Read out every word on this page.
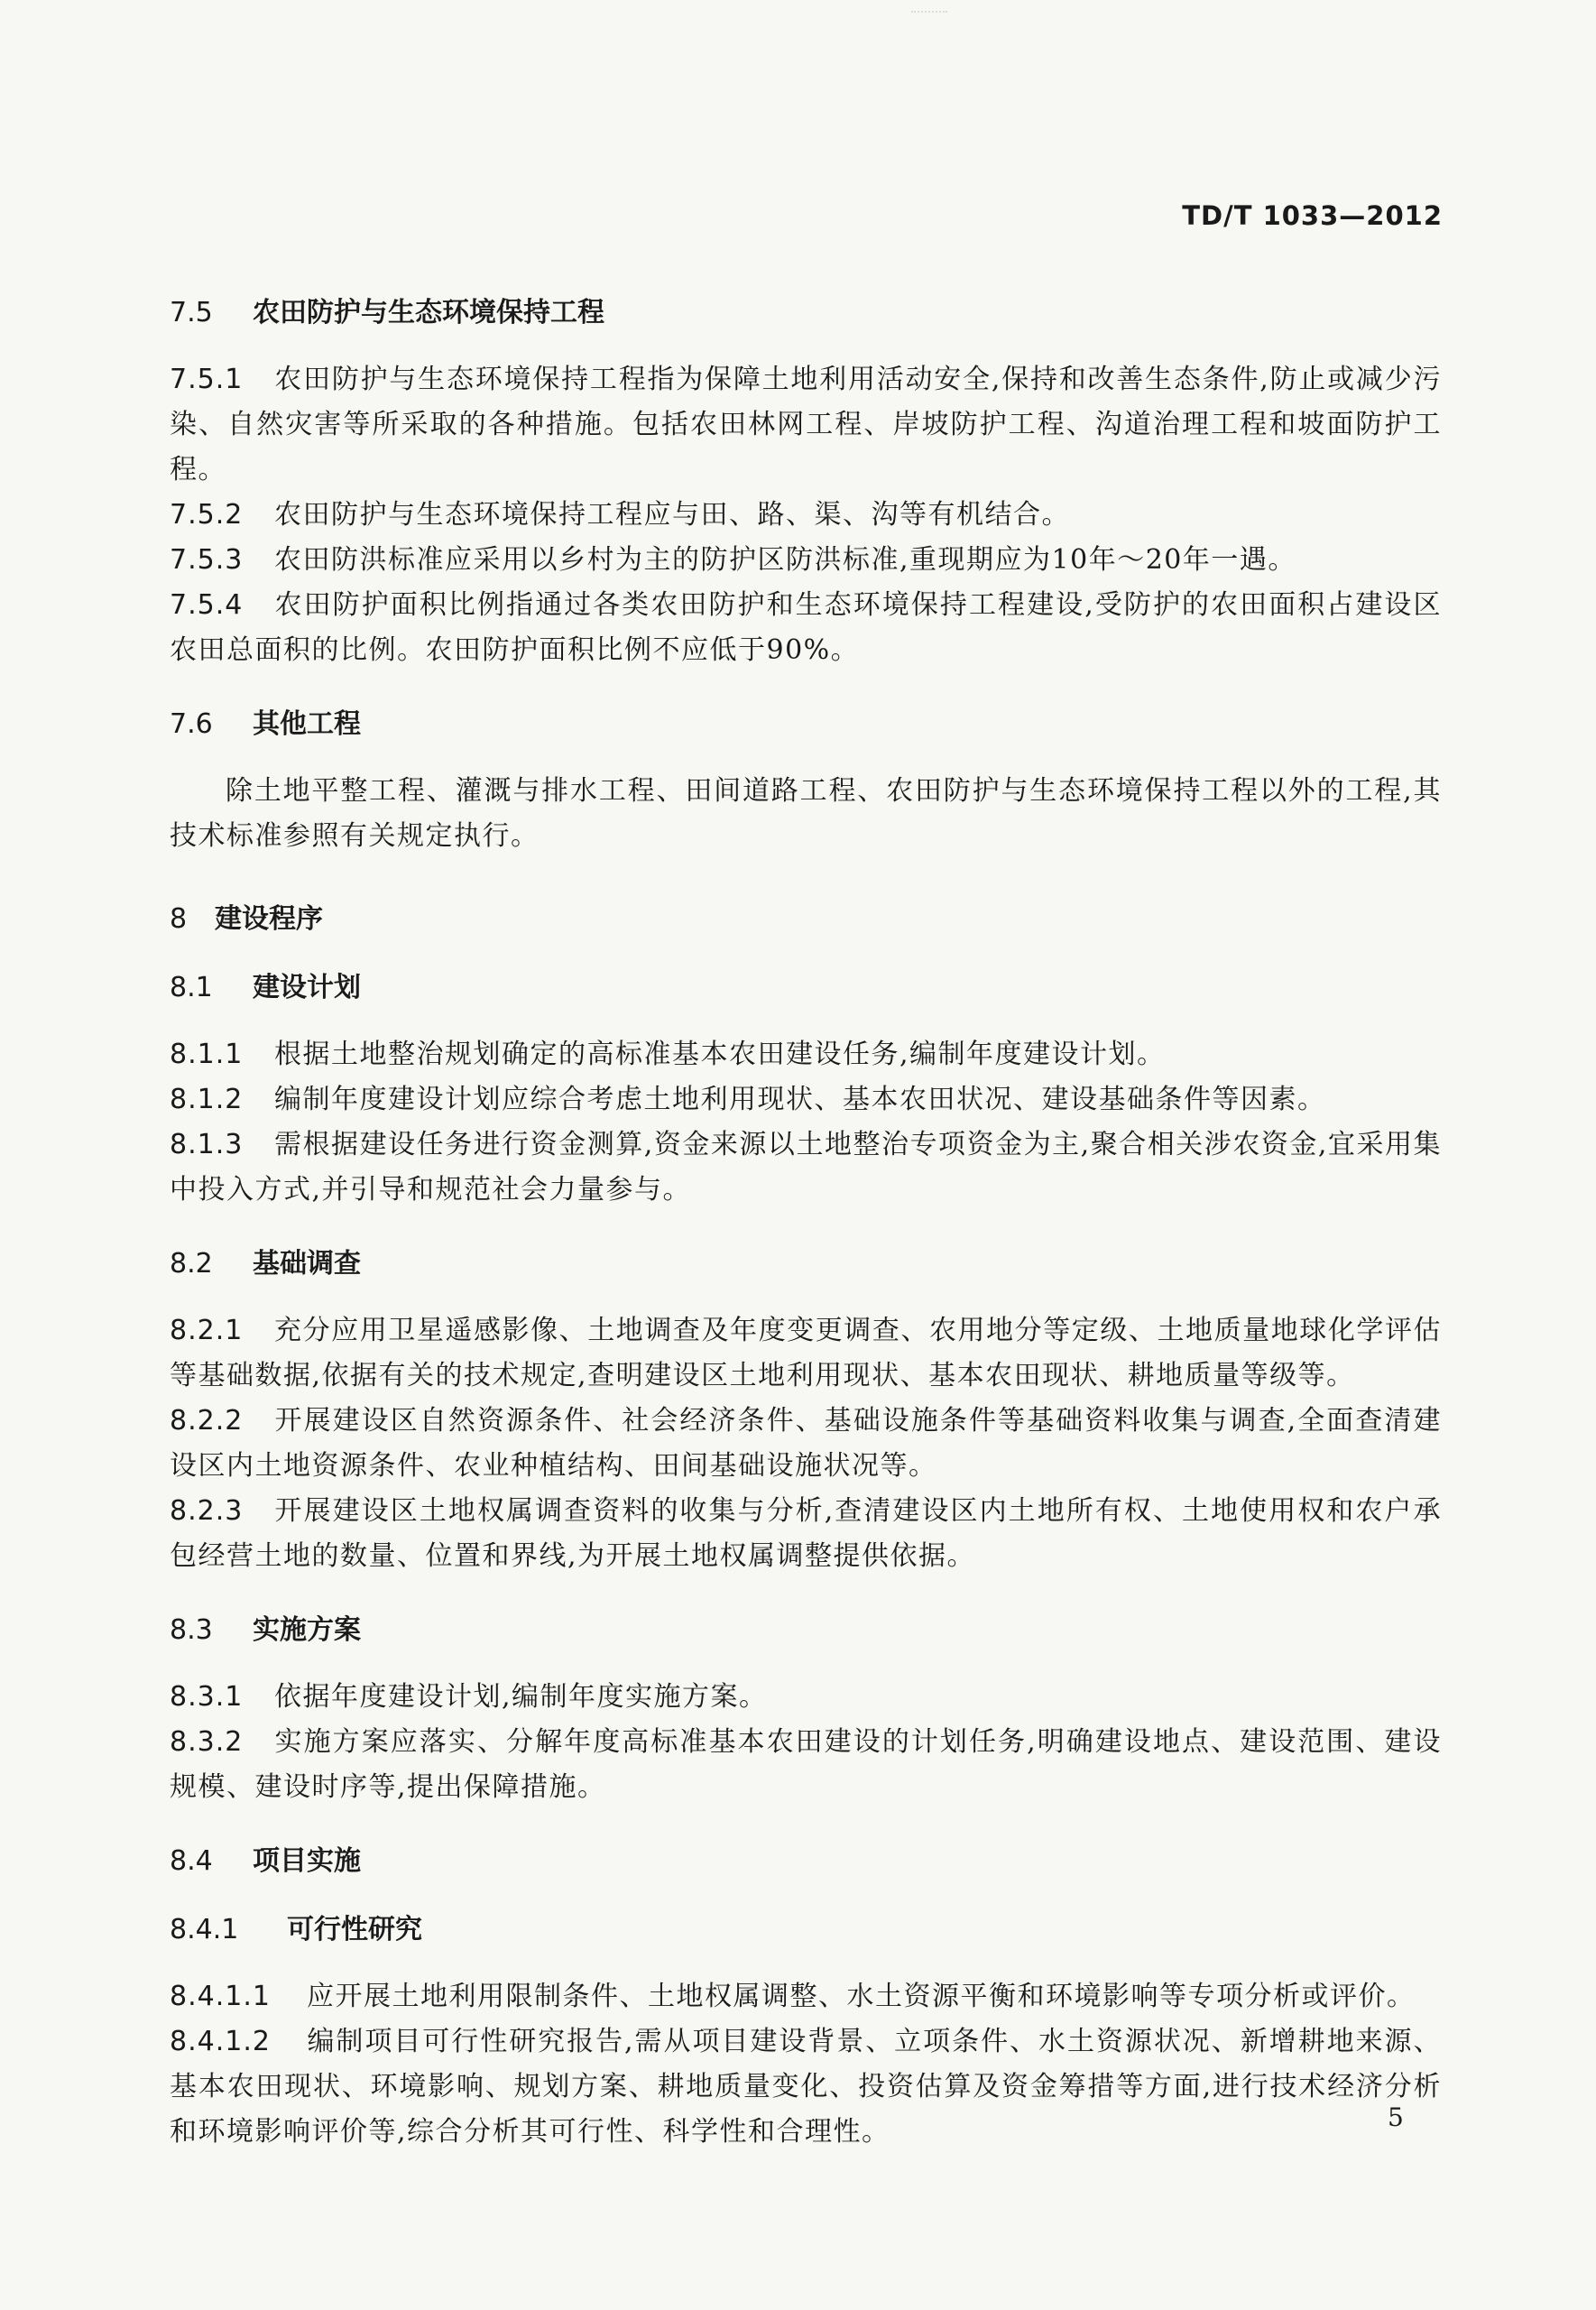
TD/T 1033—2012

7.5 农田防护与生态环境保持工程

7.5.1 农田防护与生态环境保持工程指为保障土地利用活动安全,保持和改善生态条件,防止或减少污染、自然灾害等所采取的各种措施。包括农田林网工程、岸坡防护工程、沟道治理工程和坡面防护工程。

7.5.2 农田防护与生态环境保持工程应与田、路、渠、沟等有机结合。

7.5.3 农田防洪标准应采用以乡村为主的防护区防洪标准,重现期应为10年～20年一遇。

7.5.4 农田防护面积比例指通过各类农田防护和生态环境保持工程建设,受防护的农田面积占建设区农田总面积的比例。农田防护面积比例不应低于90%。

7.6 其他工程

除土地平整工程、灌溉与排水工程、田间道路工程、农田防护与生态环境保持工程以外的工程,其技术标准参照有关规定执行。

8 建设程序

8.1 建设计划

8.1.1 根据土地整治规划确定的高标准基本农田建设任务,编制年度建设计划。

8.1.2 编制年度建设计划应综合考虑土地利用现状、基本农田状况、建设基础条件等因素。

8.1.3 需根据建设任务进行资金测算,资金来源以土地整治专项资金为主,聚合相关涉农资金,宜采用集中投入方式,并引导和规范社会力量参与。

8.2 基础调查

8.2.1 充分应用卫星遥感影像、土地调查及年度变更调查、农用地分等定级、土地质量地球化学评估等基础数据,依据有关的技术规定,查明建设区土地利用现状、基本农田现状、耕地质量等级等。

8.2.2 开展建设区自然资源条件、社会经济条件、基础设施条件等基础资料收集与调查,全面查清建设区内土地资源条件、农业种植结构、田间基础设施状况等。

8.2.3 开展建设区土地权属调查资料的收集与分析,查清建设区内土地所有权、土地使用权和农户承包经营土地的数量、位置和界线,为开展土地权属调整提供依据。

8.3 实施方案

8.3.1 依据年度建设计划,编制年度实施方案。

8.3.2 实施方案应落实、分解年度高标准基本农田建设的计划任务,明确建设地点、建设范围、建设规模、建设时序等,提出保障措施。

8.4 项目实施

8.4.1 可行性研究

8.4.1.1 应开展土地利用限制条件、土地权属调整、水土资源平衡和环境影响等专项分析或评价。

8.4.1.2 编制项目可行性研究报告,需从项目建设背景、立项条件、水土资源状况、新增耕地来源、基本农田现状、环境影响、规划方案、耕地质量变化、投资估算及资金筹措等方面,进行技术经济分析和环境影响评价等,综合分析其可行性、科学性和合理性。	5
